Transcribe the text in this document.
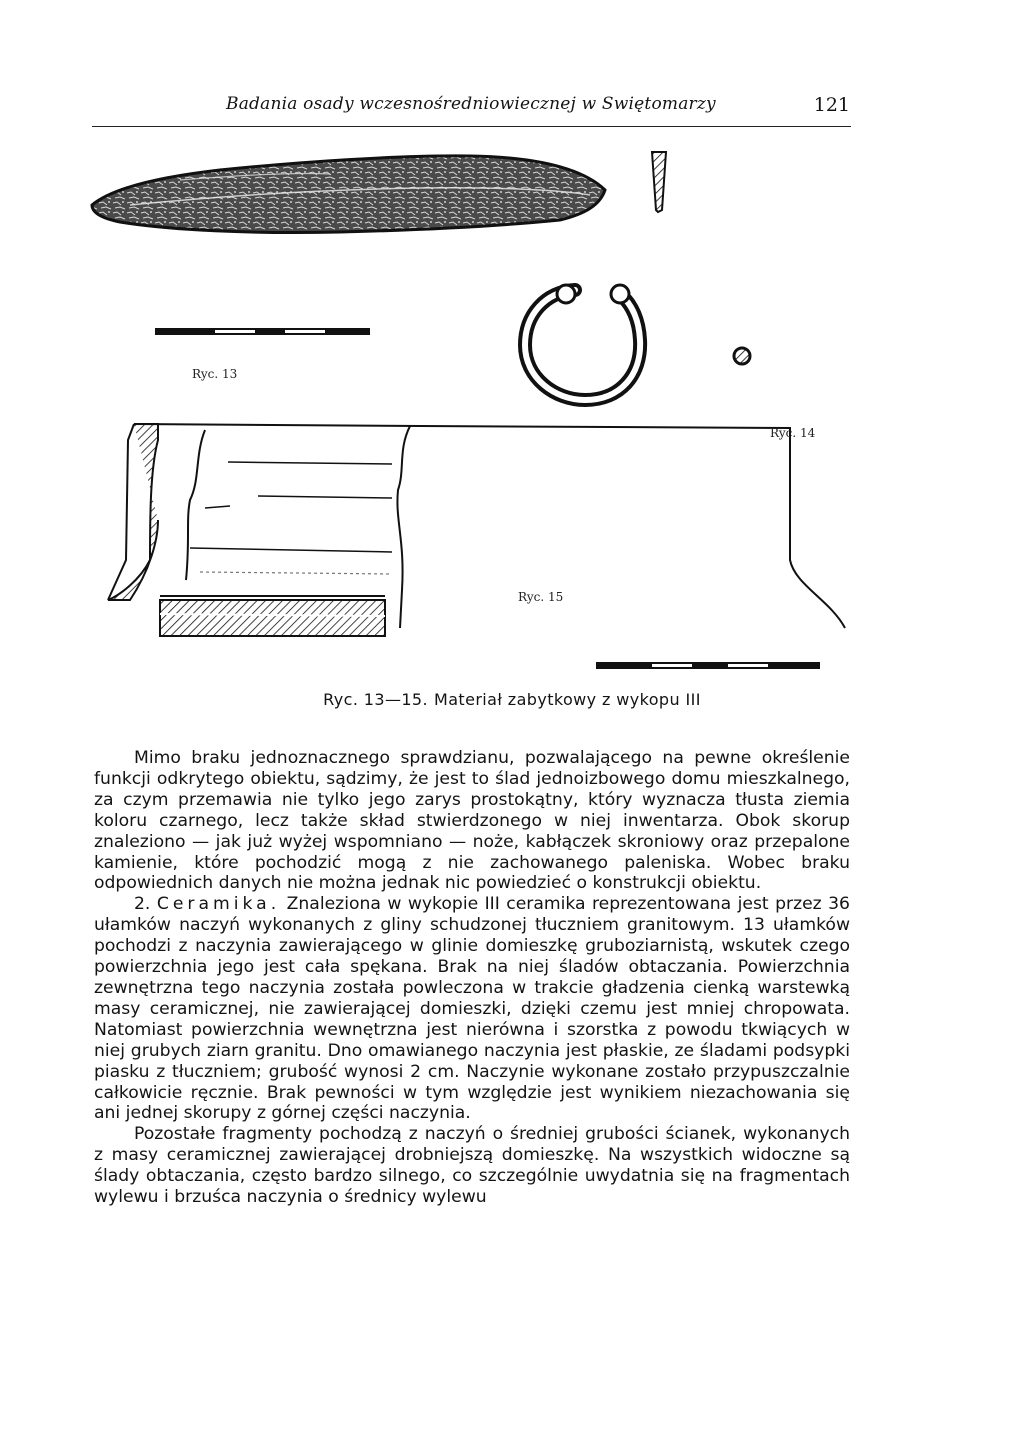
Badania osady wczesnośredniowiecznej w Swiętomarzy	121
Ryc. 13
Ryc. 14
Ryc. 15
Ryc. 13—15. Materiał zabytkowy z wykopu III

Mimo braku jednoznacznego sprawdzianu, pozwalającego na pewne określenie funkcji odkrytego obiektu, sądzimy, że jest to ślad jednoizbowego domu mieszkalnego, za czym przemawia nie tylko jego zarys prostokątny, który wyznacza tłusta ziemia koloru czarnego, lecz także skład stwierdzonego w niej inwentarza. Obok skorup znaleziono — jak już wyżej wspomniano — noże, kabłączek skroniowy oraz przepalone kamienie, które pochodzić mogą z nie zachowanego paleniska. Wobec braku odpowiednich danych nie można jednak nic powiedzieć o konstrukcji obiektu.

2. Ceramika. Znaleziona w wykopie III ceramika reprezentowana jest przez 36 ułamków naczyń wykonanych z gliny schudzonej tłuczniem granitowym. 13 ułamków pochodzi z naczynia zawierającego w glinie domieszkę gruboziarnistą, wskutek czego powierzchnia jego jest cała spękana. Brak na niej śladów obtaczania. Powierzchnia zewnętrzna tego naczynia została powleczona w trakcie gładzenia cienką warstewką masy ceramicznej, nie zawierającej domieszki, dzięki czemu jest mniej chropowata. Natomiast powierzchnia wewnętrzna jest nierówna i szorstka z powodu tkwiących w niej grubych ziarn granitu. Dno omawianego naczynia jest płaskie, ze śladami podsypki piasku z tłuczniem; grubość wynosi 2 cm. Naczynie wykonane zostało przypuszczalnie całkowicie ręcznie. Brak pewności w tym względzie jest wynikiem niezachowania się ani jednej skorupy z górnej części naczynia.

Pozostałe fragmenty pochodzą z naczyń o średniej grubości ścianek, wykonanych z masy ceramicznej zawierającej drobniejszą domieszkę. Na wszystkich widoczne są ślady obtaczania, często bardzo silnego, co szczególnie uwydatnia się na fragmentach wylewu i brzuśca naczynia o średnicy wylewu
